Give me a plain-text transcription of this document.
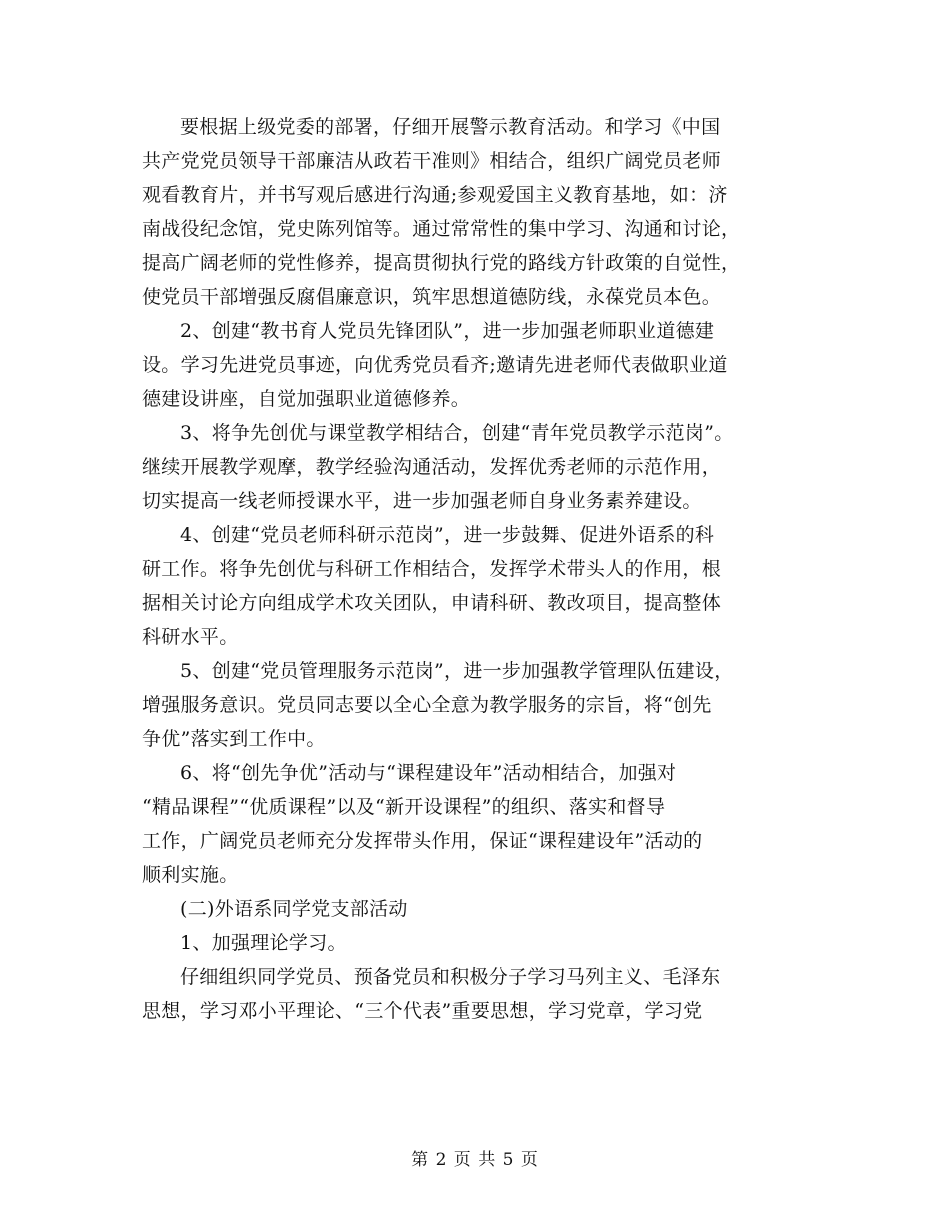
要根据上级党委的部署，仔细开展警示教育活动。和学习《中国
共产党党员领导干部廉洁从政若干准则》相结合，组织广阔党员老师
观看教育片，并书写观后感进行沟通;参观爱国主义教育基地，如：济
南战役纪念馆，党史陈列馆等。通过常常性的集中学习、沟通和讨论，
提高广阔老师的党性修养，提高贯彻执行党的路线方针政策的自觉性，
使党员干部增强反腐倡廉意识，筑牢思想道德防线，永葆党员本色。
2、创建“教书育人党员先锋团队”，进一步加强老师职业道德建
设。学习先进党员事迹，向优秀党员看齐;邀请先进老师代表做职业道
德建设讲座，自觉加强职业道德修养。
3、将争先创优与课堂教学相结合，创建“青年党员教学示范岗”。
继续开展教学观摩，教学经验沟通活动，发挥优秀老师的示范作用，
切实提高一线老师授课水平，进一步加强老师自身业务素养建设。
4、创建“党员老师科研示范岗”，进一步鼓舞、促进外语系的科
研工作。将争先创优与科研工作相结合，发挥学术带头人的作用，根
据相关讨论方向组成学术攻关团队，申请科研、教改项目，提高整体
科研水平。
5、创建“党员管理服务示范岗”，进一步加强教学管理队伍建设，
增强服务意识。党员同志要以全心全意为教学服务的宗旨，将“创先
争优”落实到工作中。
6、将“创先争优”活动与“课程建设年”活动相结合，加强对
“精品课程”“优质课程”以及“新开设课程”的组织、落实和督导
工作，广阔党员老师充分发挥带头作用，保证“课程建设年”活动的
顺利实施。
(二)外语系同学党支部活动
1、加强理论学习。
仔细组织同学党员、预备党员和积极分子学习马列主义、毛泽东
思想，学习邓小平理论、“三个代表”重要思想，学习党章，学习党
第 2 页 共 5 页
